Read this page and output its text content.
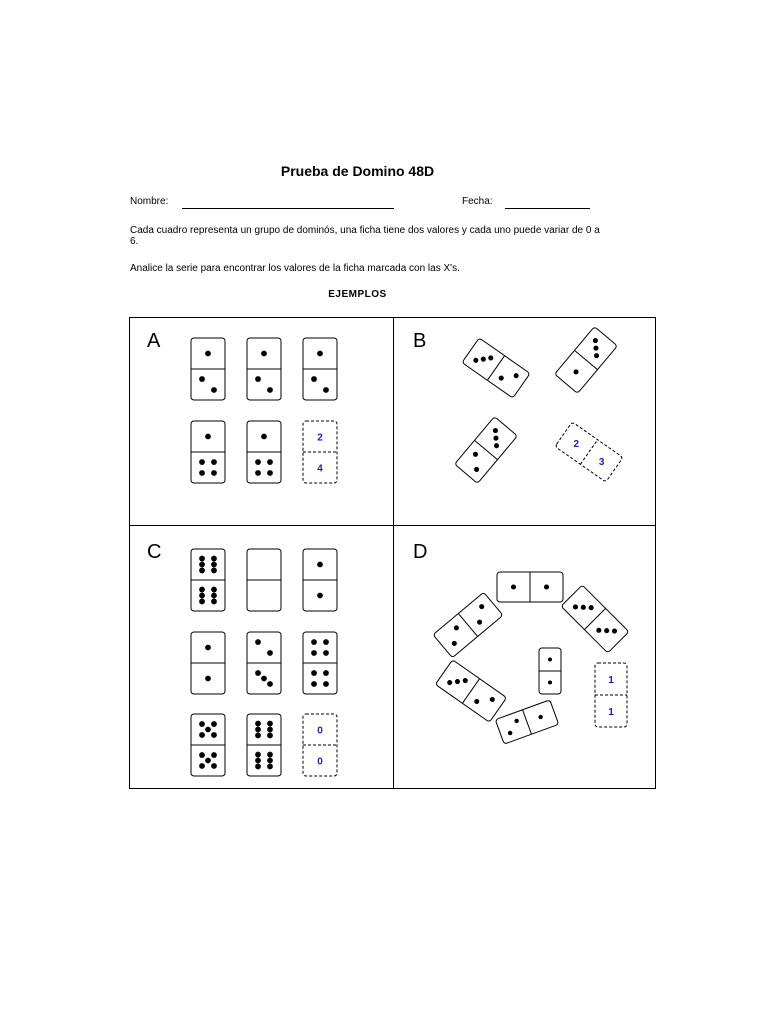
Prueba de Domino 48D
Nombre:	Fecha:
Cada cuadro representa un grupo de dominós, una ficha tiene dos valores y cada uno puede variar de 0 a 6.
Analice la serie para encontrar los valores de la ficha marcada con las X's.
EJEMPLOS
A	B
C	D
2
4
2
3
0
0
1
1
